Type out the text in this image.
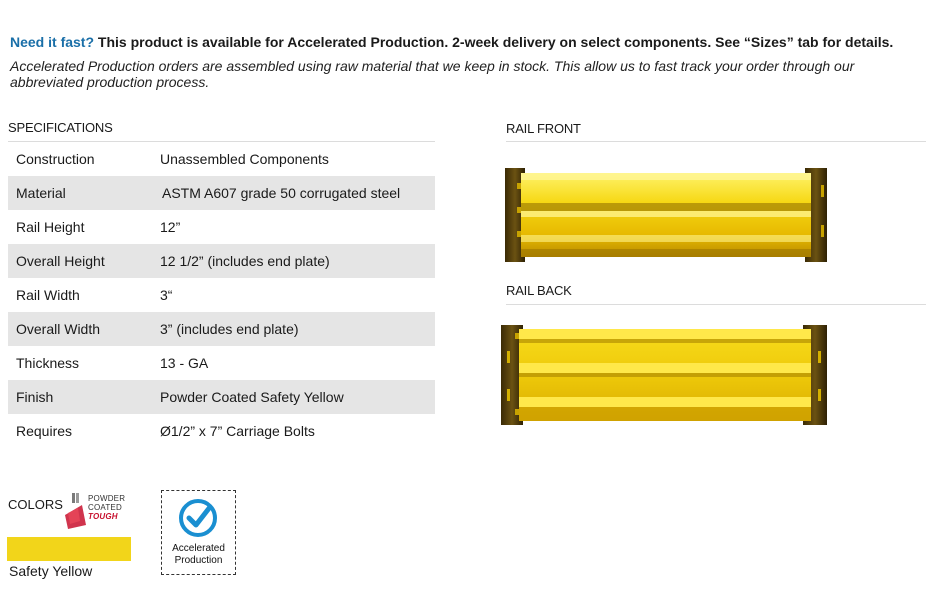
Need it fast? This product is available for Accelerated Production. 2-week delivery on select components. See “Sizes” tab for details.
Accelerated Production orders are assembled using raw material that we keep in stock. This allow us to fast track your order through our abbreviated production process.
SPECIFICATIONS
Construction	Unassembled Components
Material	ASTM A607 grade 50 corrugated steel
Rail Height	12”
Overall Height	12 1/2” (includes end plate)
Rail Width	3“
Overall Width	3” (includes end plate)
Thickness	13 - GA
Finish	Powder Coated Safety Yellow
Requires	Ø1/2” x 7” Carriage Bolts
RAIL FRONT
RAIL BACK
COLORS	POWDER
COATED
TOUGH
Safety Yellow
Accelerated
Production
